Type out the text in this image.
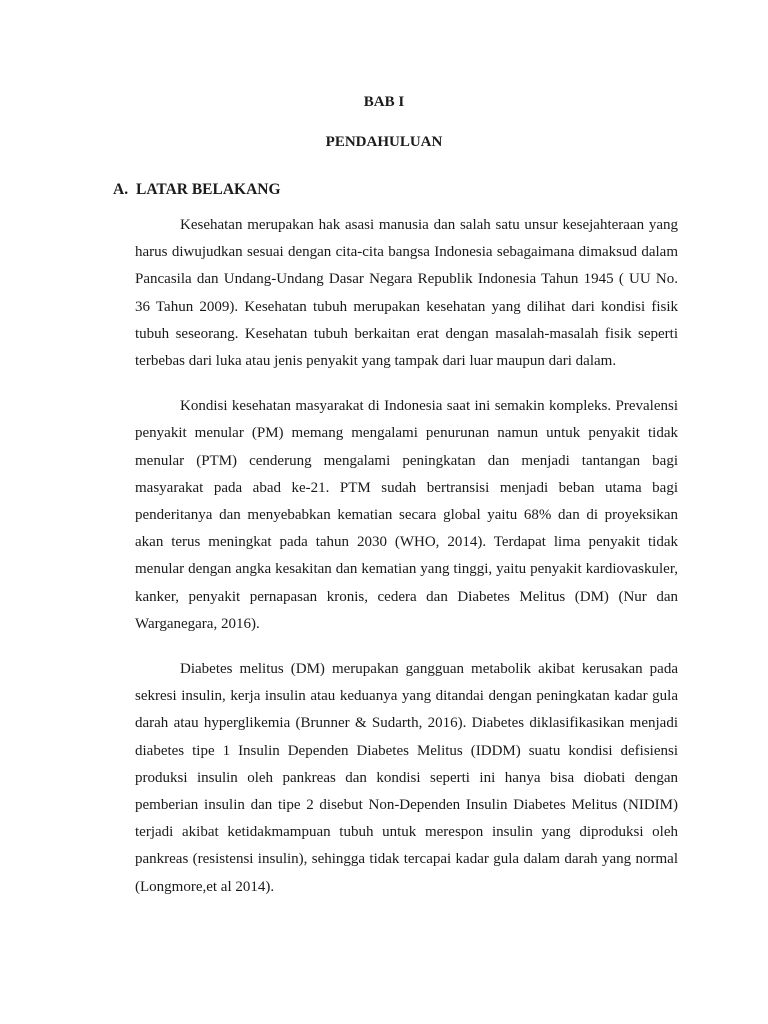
BAB I
PENDAHULUAN
A. LATAR BELAKANG

Kesehatan merupakan hak asasi manusia dan salah satu unsur kesejahteraan yang harus diwujudkan sesuai dengan cita-cita bangsa Indonesia sebagaimana dimaksud dalam Pancasila dan Undang-Undang Dasar Negara Republik Indonesia Tahun 1945 ( UU No. 36 Tahun 2009). Kesehatan tubuh merupakan kesehatan yang dilihat dari kondisi fisik tubuh seseorang. Kesehatan tubuh berkaitan erat dengan masalah-masalah fisik seperti terbebas dari luka atau jenis penyakit yang tampak dari luar maupun dari dalam.

Kondisi kesehatan masyarakat di Indonesia saat ini semakin kompleks. Prevalensi penyakit menular (PM) memang mengalami penurunan namun untuk penyakit tidak menular (PTM) cenderung mengalami peningkatan dan menjadi tantangan bagi masyarakat pada abad ke-21. PTM sudah bertransisi menjadi beban utama bagi penderitanya dan menyebabkan kematian secara global yaitu 68% dan di proyeksikan akan terus meningkat pada tahun 2030 (WHO, 2014). Terdapat lima penyakit tidak menular dengan angka kesakitan dan kematian yang tinggi, yaitu penyakit kardiovaskuler, kanker, penyakit pernapasan kronis, cedera dan Diabetes Melitus (DM) (Nur dan Warganegara, 2016).

Diabetes melitus (DM) merupakan gangguan metabolik akibat kerusakan pada sekresi insulin, kerja insulin atau keduanya yang ditandai dengan peningkatan kadar gula darah atau hyperglikemia (Brunner & Sudarth, 2016). Diabetes diklasifikasikan menjadi diabetes tipe 1 Insulin Dependen Diabetes Melitus (IDDM) suatu kondisi defisiensi produksi insulin oleh pankreas dan kondisi seperti ini hanya bisa diobati dengan pemberian insulin dan tipe 2 disebut Non-Dependen Insulin Diabetes Melitus (NIDIM) terjadi akibat ketidakmampuan tubuh untuk merespon insulin yang diproduksi oleh pankreas (resistensi insulin), sehingga tidak tercapai kadar gula dalam darah yang normal (Longmore,et al 2014).
